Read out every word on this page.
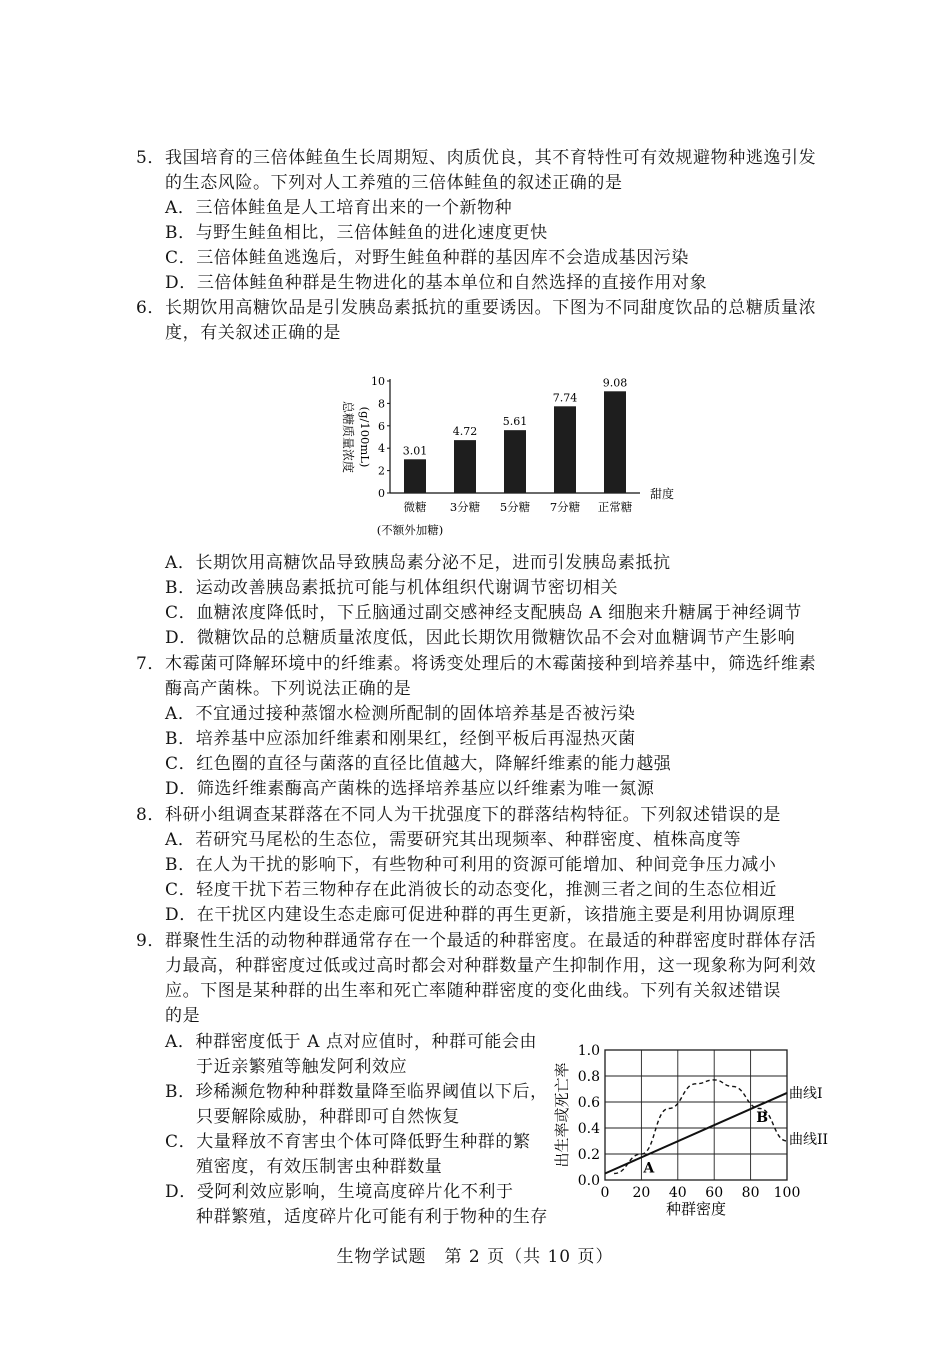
5．我国培育的三倍体鲑鱼生长周期短、肉质优良，其不育特性可有效规避物种逃逸引发
的生态风险。下列对人工养殖的三倍体鲑鱼的叙述正确的是
A．三倍体鲑鱼是人工培育出来的一个新物种
B．与野生鲑鱼相比，三倍体鲑鱼的进化速度更快
C．三倍体鲑鱼逃逸后，对野生鲑鱼种群的基因库不会造成基因污染
D．三倍体鲑鱼种群是生物进化的基本单位和自然选择的直接作用对象
6．长期饮用高糖饮品是引发胰岛素抵抗的重要诱因。下图为不同甜度饮品的总糖质量浓
度，有关叙述正确的是
0
2
4
6
8
10
3.01
微糖
4.72
3分糖
5.61
5分糖
7.74
7分糖
9.08
正常糖
(不额外加糖)
甜度
总糖质量浓度 (g/100mL)
A．长期饮用高糖饮品导致胰岛素分泌不足，进而引发胰岛素抵抗
B．运动改善胰岛素抵抗可能与机体组织代谢调节密切相关
C．血糖浓度降低时，下丘脑通过副交感神经支配胰岛 A 细胞来升糖属于神经调节
D．微糖饮品的总糖质量浓度低，因此长期饮用微糖饮品不会对血糖调节产生影响
7．木霉菌可降解环境中的纤维素。将诱变处理后的木霉菌接种到培养基中，筛选纤维素
酶高产菌株。下列说法正确的是
A．不宜通过接种蒸馏水检测所配制的固体培养基是否被污染
B．培养基中应添加纤维素和刚果红，经倒平板后再湿热灭菌
C．红色圈的直径与菌落的直径比值越大，降解纤维素的能力越强
D．筛选纤维素酶高产菌株的选择培养基应以纤维素为唯一氮源
8．科研小组调查某群落在不同人为干扰强度下的群落结构特征。下列叙述错误的是
A．若研究马尾松的生态位，需要研究其出现频率、种群密度、植株高度等
B．在人为干扰的影响下，有些物种可利用的资源可能增加、种间竞争压力减小
C．轻度干扰下若三物种存在此消彼长的动态变化，推测三者之间的生态位相近
D．在干扰区内建设生态走廊可促进种群的再生更新，该措施主要是利用协调原理
9．群聚性生活的动物种群通常存在一个最适的种群密度。在最适的种群密度时群体存活
力最高，种群密度过低或过高时都会对种群数量产生抑制作用，这一现象称为阿利效
应。下图是某种群的出生率和死亡率随种群密度的变化曲线。下列有关叙述错误
的是
A．种群密度低于 A 点对应值时，种群可能会由
于近亲繁殖等触发阿利效应
B．珍稀濒危物种种群数量降至临界阈值以下后，
只要解除威胁，种群即可自然恢复
C．大量释放不育害虫个体可降低野生种群的繁
殖密度，有效压制害虫种群数量
D．受阿利效应影响，生境高度碎片化不利于
种群繁殖，适度碎片化可能有利于物种的生存
0 20 40 60 80 100
0.0
0.2
0.4
0.6
0.8
1.0
曲线I
曲线II
A
B
种群密度
出生率或死亡率
生物学试题　第 2 页（共 10 页）
